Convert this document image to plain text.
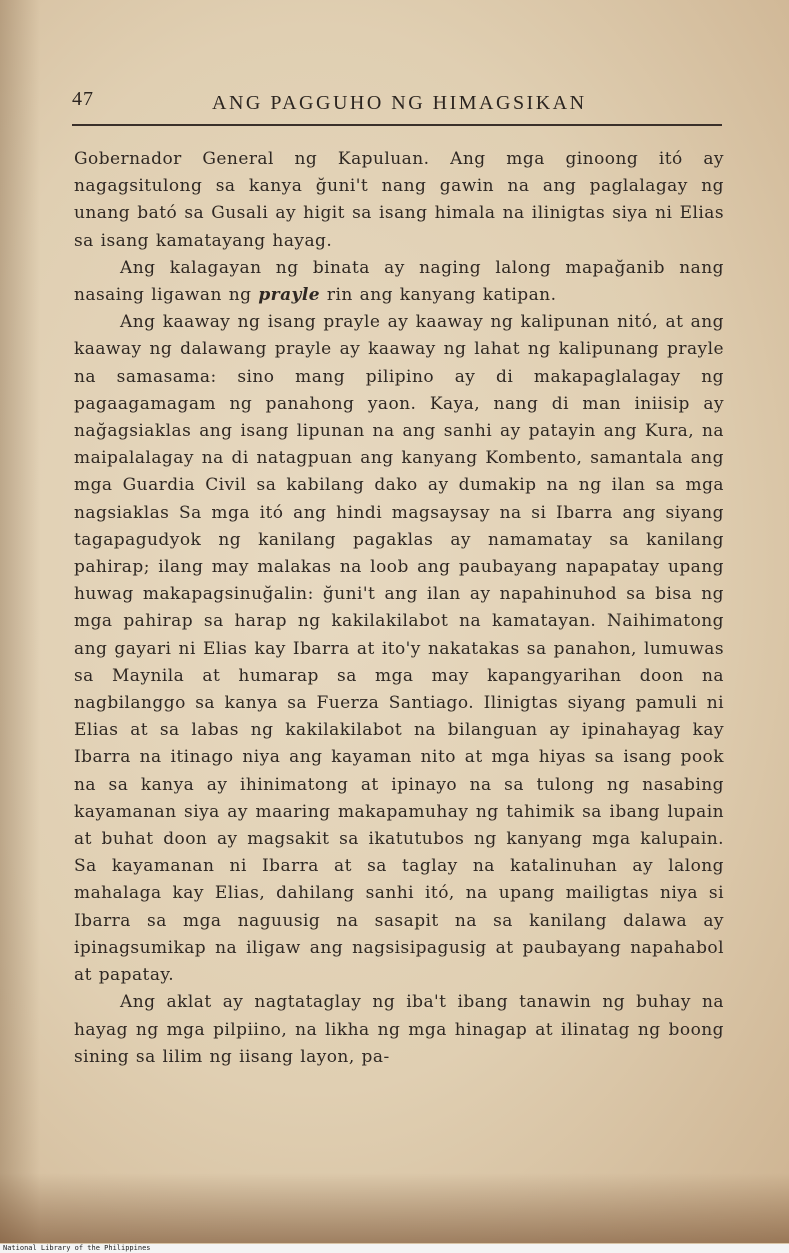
47	ANG PAGGUHO NG HIMAGSIKAN

Gobernador General ng Kapuluan. Ang mga ginoong itó ay nagagsitulong sa kanya ğuni't nang gawin na ang paglalagay ng unang bató sa Gusali ay higit sa isang himala na ilinigtas siya ni Elias sa isang kamatayang hayag.

Ang kalagayan ng binata ay naging lalong mapağanib nang nasaing ligawan ng prayle rin ang kanyang katipan.

Ang kaaway ng isang prayle ay kaaway ng kalipunan nitó, at ang kaaway ng dalawang prayle ay kaaway ng lahat ng kalipunang prayle na samasama: sino mang pilipino ay di makapaglalagay ng pagaagamagam ng panahong yaon. Kaya, nang di man iniisip ay nağagsiaklas ang isang lipunan na ang sanhi ay patayin ang Kura, na maipalalagay na di natagpuan ang kanyang Kombento, samantala ang mga Guardia Civil sa kabilang dako ay dumakip na ng ilan sa mga nagsiaklas Sa mga itó ang hindi magsaysay na si Ibarra ang siyang tagapagudyok ng kanilang pagaklas ay namamatay sa kanilang pahirap; ilang may malakas na loob ang paubayang napapatay upang huwag makapagsinuğalin: ğuni't ang ilan ay napahinuhod sa bisa ng mga pahirap sa harap ng kakilakilabot na kamatayan. Naihimatong ang gayari ni Elias kay Ibarra at ito'y nakatakas sa panahon, lumuwas sa Maynila at humarap sa mga may kapangyarihan doon na nagbilanggo sa kanya sa Fuerza Santiago. Ilinigtas siyang pamuli ni Elias at sa labas ng kakilakilabot na bilanguan ay ipinahayag kay Ibarra na itinago niya ang kayaman nito at mga hiyas sa isang pook na sa kanya ay ihinimatong at ipinayo na sa tulong ng nasabing kayamanan siya ay maaring makapamuhay ng tahimik sa ibang lupain at buhat doon ay magsakit sa ikatutubos ng kanyang mga kalupain. Sa kayamanan ni Ibarra at sa taglay na katalinuhan ay lalong mahalaga kay Elias, dahilang sanhi itó, na upang mailigtas niya si Ibarra sa mga naguusig na sasapit na sa kanilang dalawa ay ipinagsumikap na iligaw ang nagsisipagusig at paubayang napahabol at papatay.

Ang aklat ay nagtataglay ng iba't ibang tanawin ng buhay na hayag ng mga pilpiino, na likha ng mga hinagap at ilinatag ng boong sining sa lilim ng iisang layon, pa-

National Library of the Philippines
